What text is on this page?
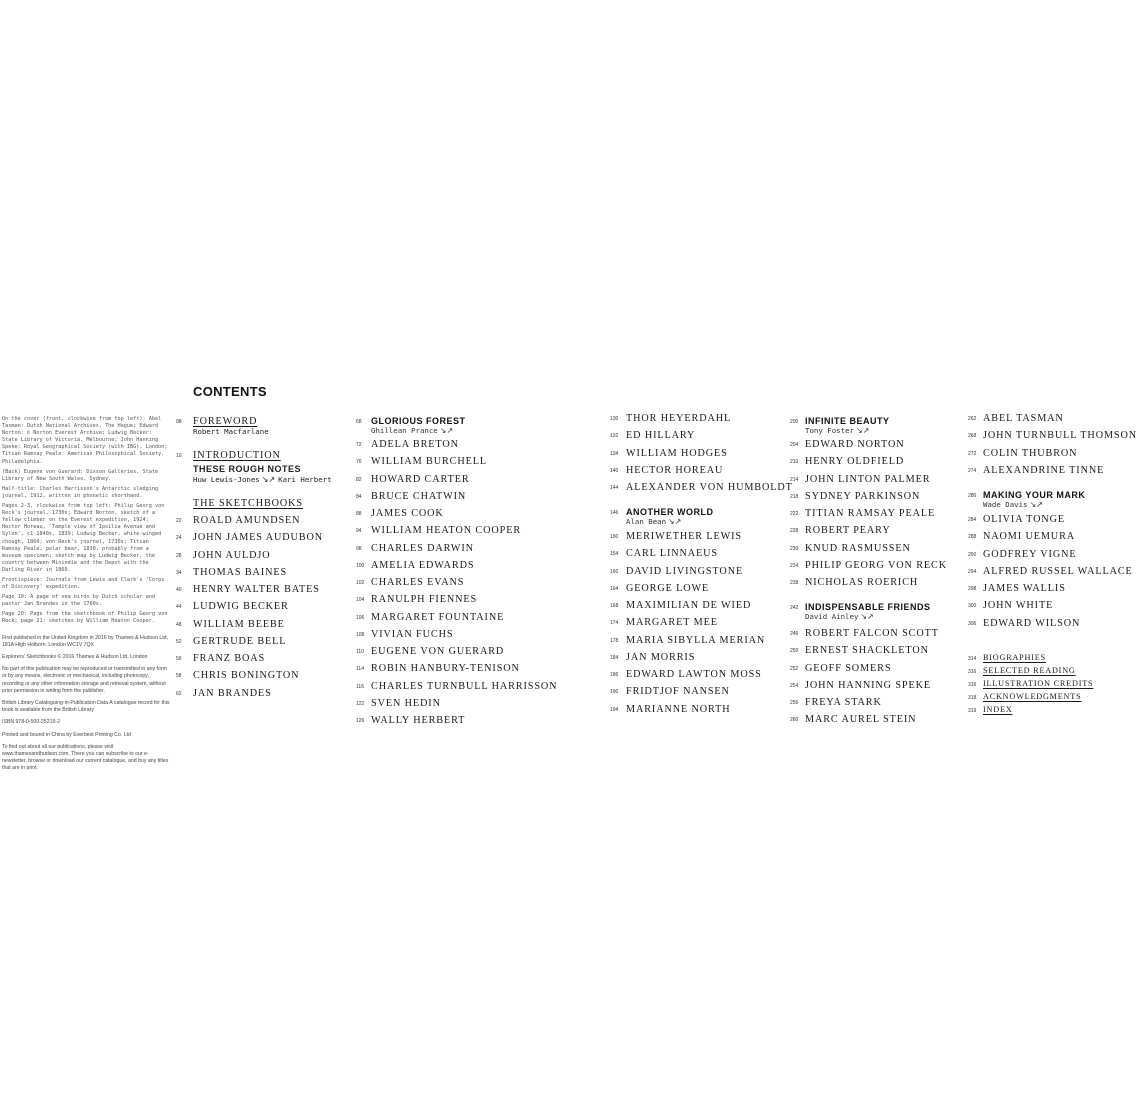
On the cover (front, clockwise from top left): Abel Tasman: Dutch National Archives, The Hague; Edward Norton: © Norton Everest Archive; Ludwig Becker: State Library of Victoria, Melbourne; John Hanning Speke: Royal Geographical Society (with IBG), London; Titian Ramsay Peale: American Philosophical Society, Philadelphia.

(Back) Eugene von Guerard: Dixson Galleries, State Library of New South Wales, Sydney.

Half-title: Charles Harrisson's Antarctic sledging journal, 1912, written in phonetic shorthand.

Pages 2-3, clockwise from top left: Philip Georg von Reck's journal, 1730s; Edward Norton, sketch of a fellow climber on the Everest expedition, 1924; Hector Horeau, 'Temple view of Ipsilia Avenue and Sylon', c1-1840s, 1839; Ludwig Becker, white-winged chough, 1860; von Reck's journal, 1730s; Titian Ramsay Peale, polar bear, 1830, probably from a museum specimen; sketch map by Ludwig Becker, the country between Minindie and the Depot with the Darling River in 1860.

Frontispiece: Journals from Lewis and Clark's 'Corps of Discovery' expedition.

Page 10: A page of sea birds by Dutch scholar and pastor Jan Brandes in the 1780s.

Page 20: Page from the sketchbook of Philip Georg von Reck; page 21: sketches by William Heaton Cooper.

First published in the United Kingdom in 2016 by Thames & Hudson Ltd, 181A High Holborn, London WC1V 7QX

Explorers' Sketchbooks © 2016 Thames & Hudson Ltd, London

No part of this publication may be reproduced or transmitted in any form or by any means, electronic or mechanical, including photocopy, recording or any other information storage and retrieval system, without prior permission in writing from the publisher.

British Library Cataloguing-in-Publication Data A catalogue record for this book is available from the British Library

ISBN 978-0-500-25219-2

Printed and bound in China by Everbest Printing Co. Ltd

To find out about all our publications, please visit www.thamesandhudson.com. There you can subscribe to our e-newsletter, browse or download our current catalogue, and buy any titles that are in print.

CONTENTS
08 FOREWORD
Robert Macfarlane
10 INTRODUCTION
THESE ROUGH NOTES
Huw Lewis-Jones ↘↗ Kari Herbert
THE SKETCHBOOKS
22 ROALD AMUNDSEN
24 JOHN JAMES AUDUBON
28 JOHN AULDJO
34 THOMAS BAINES
40 HENRY WALTER BATES
44 LUDWIG BECKER
48 WILLIAM BEEBE
52 GERTRUDE BELL
56 FRANZ BOAS
58 CHRIS BONINGTON
62 JAN BRANDES
68 GLORIOUS FOREST
Ghillean Prance ↘↗
72 ADELA BRETON
76 WILLIAM BURCHELL
82 HOWARD CARTER
84 BRUCE CHATWIN
88 JAMES COOK
94 WILLIAM HEATON COOPER
98 CHARLES DARWIN
100 AMELIA EDWARDS
102 CHARLES EVANS
104 RANULPH FIENNES
106 MARGARET FOUNTAINE
108 VIVIAN FUCHS
110 EUGENE VON GUERARD
114 ROBIN HANBURY-TENISON
116 CHARLES TURNBULL HARRISSON
122 SVEN HEDIN
126 WALLY HERBERT
130 THOR HEYERDAHL
132 ED HILLARY
134 WILLIAM HODGES
140 HECTOR HOREAU
144 ALEXANDER VON HUMBOLDT
146 ANOTHER WORLD
Alan Bean ↘↗
150 MERIWETHER LEWIS
154 CARL LINNAEUS
160 DAVID LIVINGSTONE
164 GEORGE LOWE
168 MAXIMILIAN DE WIED
174 MARGARET MEE
178 MARIA SIBYLLA MERIAN
184 JAN MORRIS
186 EDWARD LAWTON MOSS
190 FRIDTJOF NANSEN
194 MARIANNE NORTH
200 INFINITE BEAUTY
Tony Foster ↘↗
204 EDWARD NORTON
210 HENRY OLDFIELD
214 JOHN LINTON PALMER
218 SYDNEY PARKINSON
222 TITIAN RAMSAY PEALE
228 ROBERT PEARY
230 KNUD RASMUSSEN
234 PHILIP GEORG VON RECK
238 NICHOLAS ROERICH
242 INDISPENSABLE FRIENDS
David Ainley ↘↗
246 ROBERT FALCON SCOTT
250 ERNEST SHACKLETON
252 GEOFF SOMERS
254 JOHN HANNING SPEKE
256 FREYA STARK
260 MARC AUREL STEIN
262 ABEL TASMAN
268 JOHN TURNBULL THOMSON
272 COLIN THUBRON
274 ALEXANDRINE TINNE
280 MAKING YOUR MARK
Wade Davis ↘↗
284 OLIVIA TONGE
288 NAOMI UEMURA
290 GODFREY VIGNE
294 ALFRED RUSSEL WALLACE
298 JAMES WALLIS
300 JOHN WHITE
306 EDWARD WILSON
314 BIOGRAPHIES
316 SELECTED READING
316 ILLUSTRATION CREDITS
318 ACKNOWLEDGMENTS
319 INDEX
